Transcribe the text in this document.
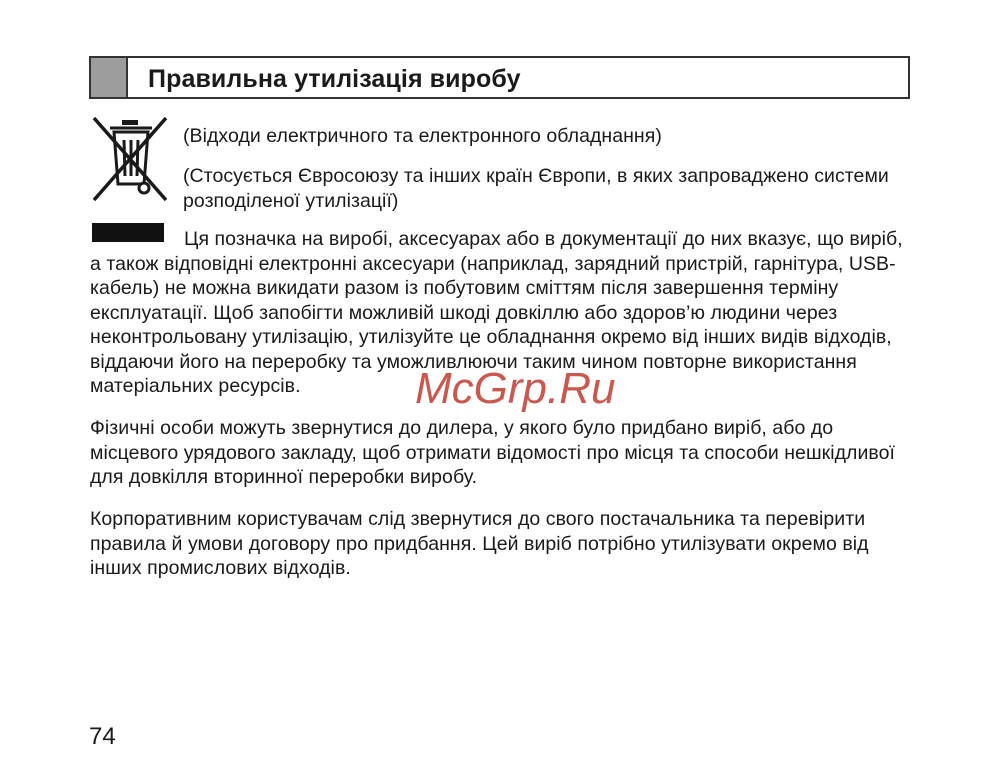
Правильна утилізація виробу

(Відходи електричного та електронного обладнання)

(Стосується Євросоюзу та інших країн Європи, в яких запроваджено системи розподіленої утилізації)

Ця позначка на виробі, аксесуарах або в документації до них вказує, що виріб, а також відповідні електронні аксесуари (наприклад, зарядний пристрій, гарнітура, USB-кабель) не можна викидати разом із побутовим сміттям після завершення терміну експлуатації. Щоб запобігти можливій шкоді довкіллю або здоров’ю людини через неконтрольовану утилізацію, утилізуйте це обладнання окремо від інших видів відходів, віддаючи його на переробку та уможливлюючи таким чином повторне використання матеріальних ресурсів.

Фізичні особи можуть звернутися до дилера, у якого було придбано виріб, або до місцевого урядового закладу, щоб отримати відомості про місця та способи нешкідливої для довкілля вторинної переробки виробу.

Корпоративним користувачам слід звернутися до свого постачальника та перевірити правила й умови договору про придбання. Цей виріб потрібно утилізувати окремо від інших промислових відходів.

McGrp.Ru
74
